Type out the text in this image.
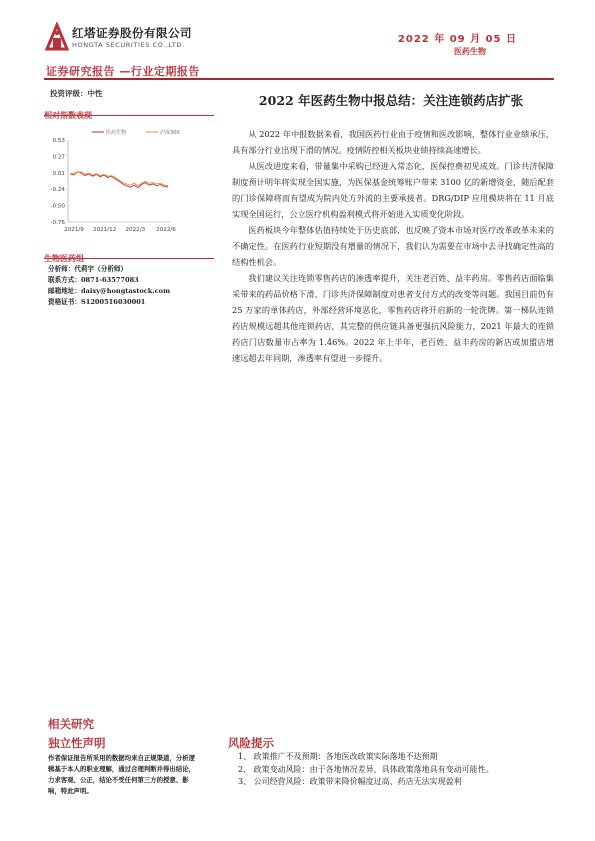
红塔证券股份有限公司
HONGTA SECURITIES CO.,LTD.	2022 年 09 月 05 日
医药生物
证券研究报告 —行业定期报告
投资评级：中性
相对指数表现
0.53
0.27
0.01
-0.24
-0.50
-0.76
2021/9 2021/12 2022/3 2022/6
医药生物	沪深300
生物医药组
分析师：代莉宇（分析师）
联系方式：0871-63577083
邮箱地址：daixy@hongtastock.com
资格证书：S1200516030001
2022 年医药生物中报总结：关注连锁药店扩张

从 2022 年中报数据来看，我国医药行业由于疫情和医改影响，整体行业业绩承压，具有部分行业出现下滑的情况。疫情防控相关板块业绩持续高速增长。

从医改进度来看，带量集中采购已经进入常态化，医保控费初见成效。门诊共济保障制度预计明年将实现全国实施，为医保基金统筹账户带来 3100 亿的新增资金，随后配套的门诊保障将而有望成为院内处方外流的主要承接者。DRG/DIP 应用模块将在 11 月底实现全国运行，公立医疗机构盈利模式将开始进入实质变化阶段。

医药板块今年整体估值持续处于历史底部，也反映了资本市场对医疗改革政革未来的不确定性。在医药行业短期没有增量的情况下，我们认为需要在市场中去寻找确定性高的结构性机会。

我们建议关注连锁零售药店的渗透率提升，关注老百姓、益丰药房。零售药店面临集采带来的药品价格下滑、门诊共济保障制度对患者支付方式的改变等问题。我国目前仍有 25 万家的单体药店，外部经营环境恶化，零售药店将开启新的一轮洗牌。第一梯队连锁药店规模远超其他连锁药店，其完整的供应链具备更强抗风险能力，2021 年最大的连锁药店门店数量市占率为 1.46%。2022 年上半年，老百姓、益丰药房的新店或加盟店增速远超去年同期，渗透率有望进一步提升。

相关研究
独立性声明
作者保证报告所采用的数据均来自正规渠道，分析逻辑基于本人的职业理解，通过合理判断并得出结论，力求客观、公正，结论不受任何第三方的授意、影响，特此声明。
风险提示
1、 政策推广不及预期：各地医改政策实际落地不达预期
2、 政策变动风险：由于各地情况差异，具体政策落地具有变动可能性。
3、 公司经营风险：政策带来降价幅度过高、药店无法实现盈利
